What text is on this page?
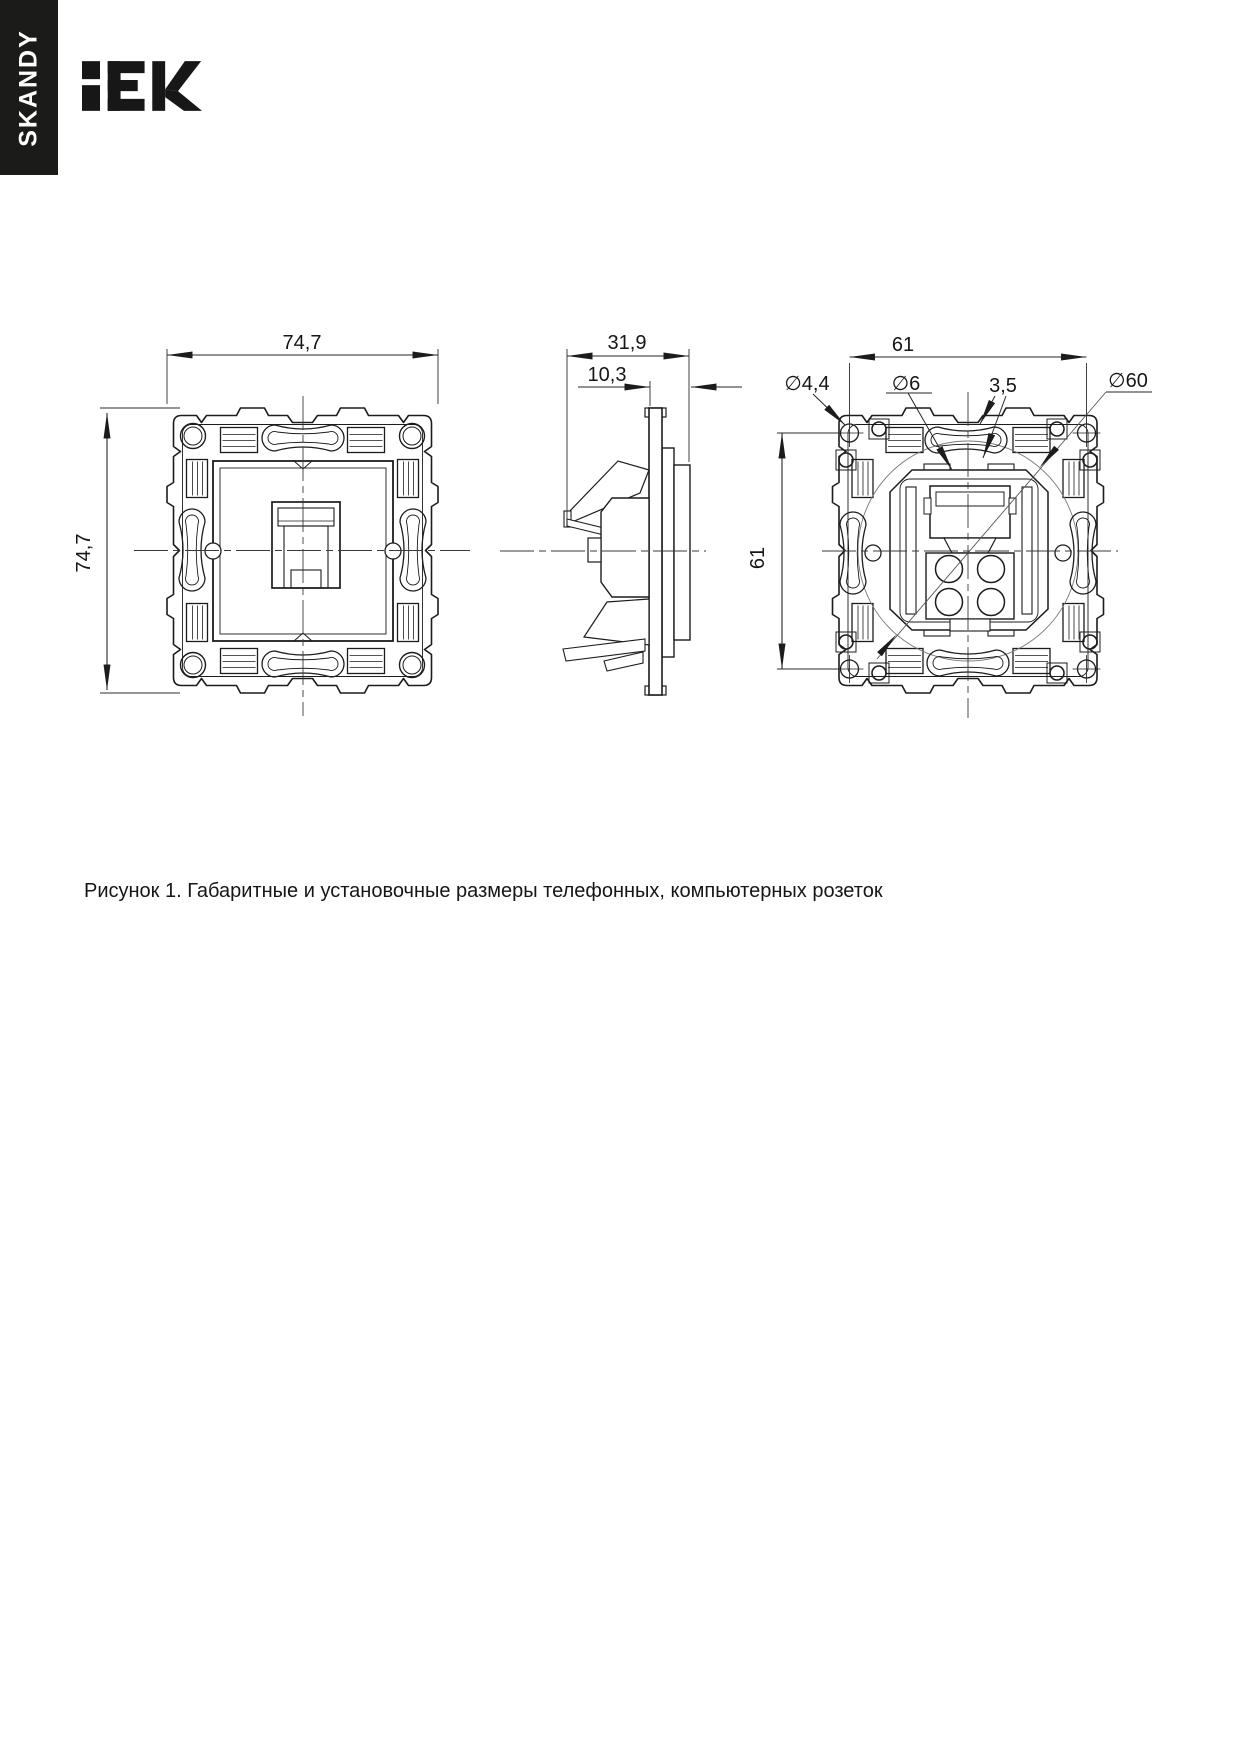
SKANDY
74,7
74,7
31,9
10,3
61
61
∅4,4	∅6	3,5	∅60
Рисунок 1. Габаритные и установочные размеры телефонных, компьютерных розеток
